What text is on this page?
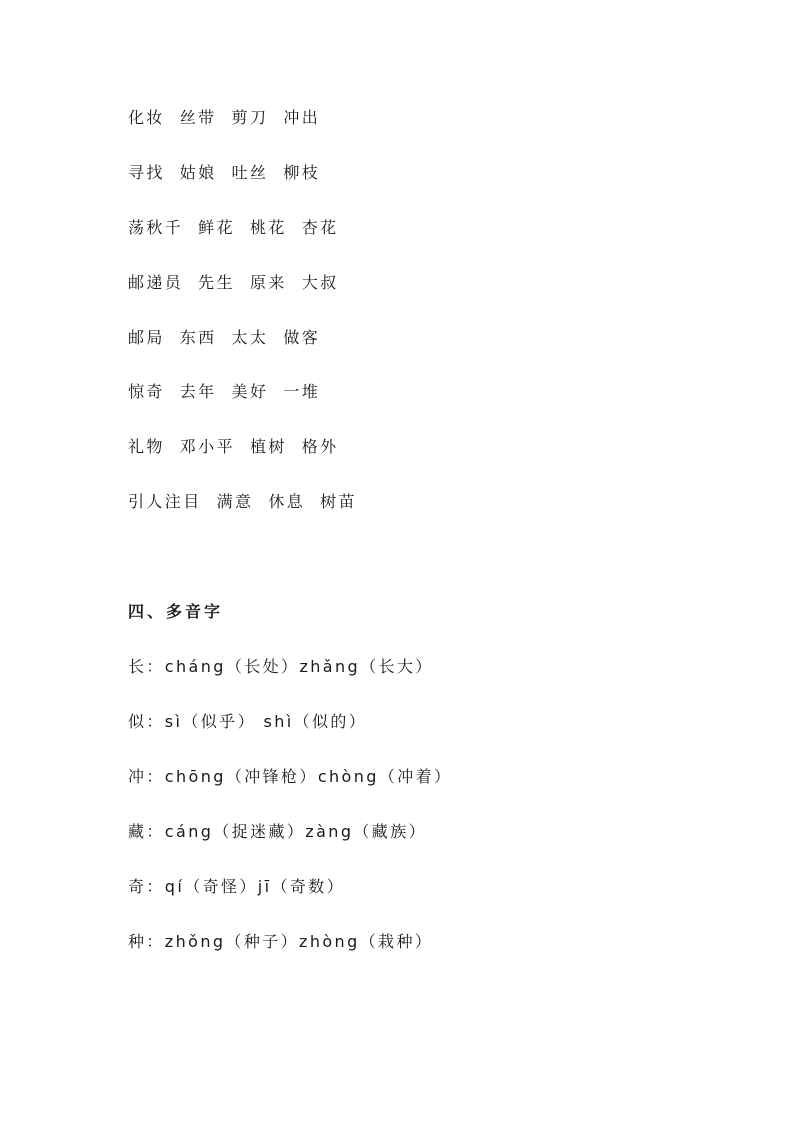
化妆  丝带  剪刀  冲出
寻找  姑娘  吐丝  柳枝
荡秋千  鲜花  桃花  杏花
邮递员  先生  原来  大叔
邮局  东西  太太  做客
惊奇  去年  美好  一堆
礼物  邓小平  植树  格外
引人注目  满意  休息  树苗
四、多音字
长：cháng（长处）zhǎng（长大）
似：sì（似乎） shì（似的）
冲：chōng（冲锋枪）chòng（冲着）
藏：cáng（捉迷藏）zàng（藏族）
奇：qí（奇怪）jī（奇数）
种：zhǒng（种子）zhòng（栽种）
